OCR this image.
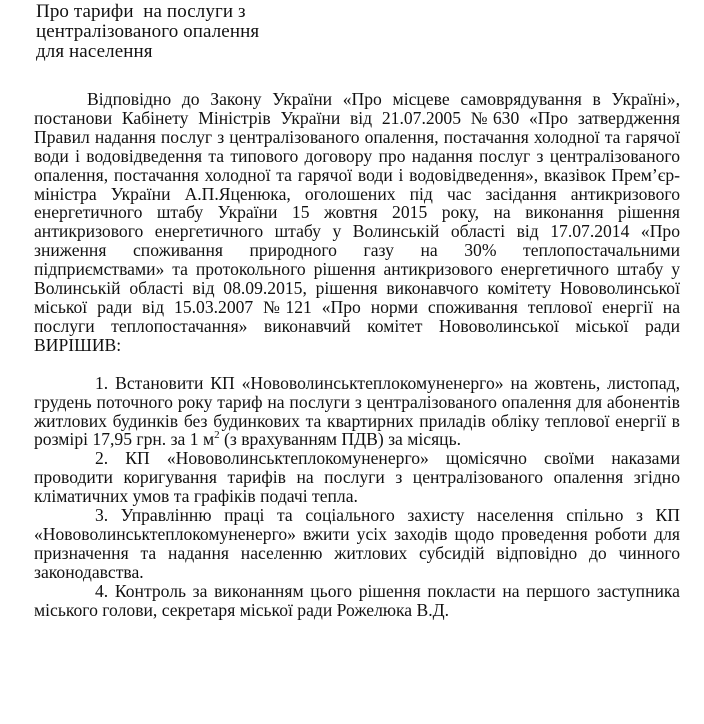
Про тарифи  на послуги з
централізованого опалення
для населення

Відповідно до Закону України «Про місцеве самоврядування в Україні», постанови Кабінету Міністрів України від 21.07.2005 №630 «Про затвердження Правил надання послуг з централізованого опалення, постачання холодної та гарячої води і водовідведення та типового договору про надання послуг з централізованого опалення, постачання холодної та гарячої води і водовідведення», вказівок Прем’єр-міністра України А.П.Яценюка, оголошених під час засідання антикризового енергетичного штабу України 15 жовтня 2015 року, на виконання рішення антикризового енергетичного штабу у Волинській області від 17.07.2014 «Про зниження споживання природного газу на 30% теплопостачальними підприємствами» та протокольного рішення антикризового енергетичного штабу у Волинській області від 08.09.2015, рішення виконавчого комітету Нововолинської міської ради від 15.03.2007 №121 «Про норми споживання теплової енергії на послуги теплопостачання» виконавчий комітет Нововолинської міської ради ВИРІШИВ:

1. Встановити КП «Нововолинськтеплокомуненерго» на жовтень, листопад, грудень поточного року тариф на послуги з централізованого опалення для абонентів житлових будинків без будинкових та квартирних приладів обліку теплової енергії в розмірі 17,95 грн. за 1 $м^2$ (з врахуванням ПДВ) за місяць.

2. КП «Нововолинськтеплокомуненерго» щомісячно своїми наказами проводити коригування тарифів на послуги з централізованого опалення згідно кліматичних умов та графіків подачі тепла.

3. Управлінню праці та соціального захисту населення спільно з КП «Нововолинськтеплокомуненерго» вжити усіх заходів щодо проведення роботи для призначення та надання населенню житлових субсидій відповідно до чинного законодавства.

4. Контроль за виконанням цього рішення покласти на першого заступника міського голови, секретаря міської ради Рожелюка В.Д.
